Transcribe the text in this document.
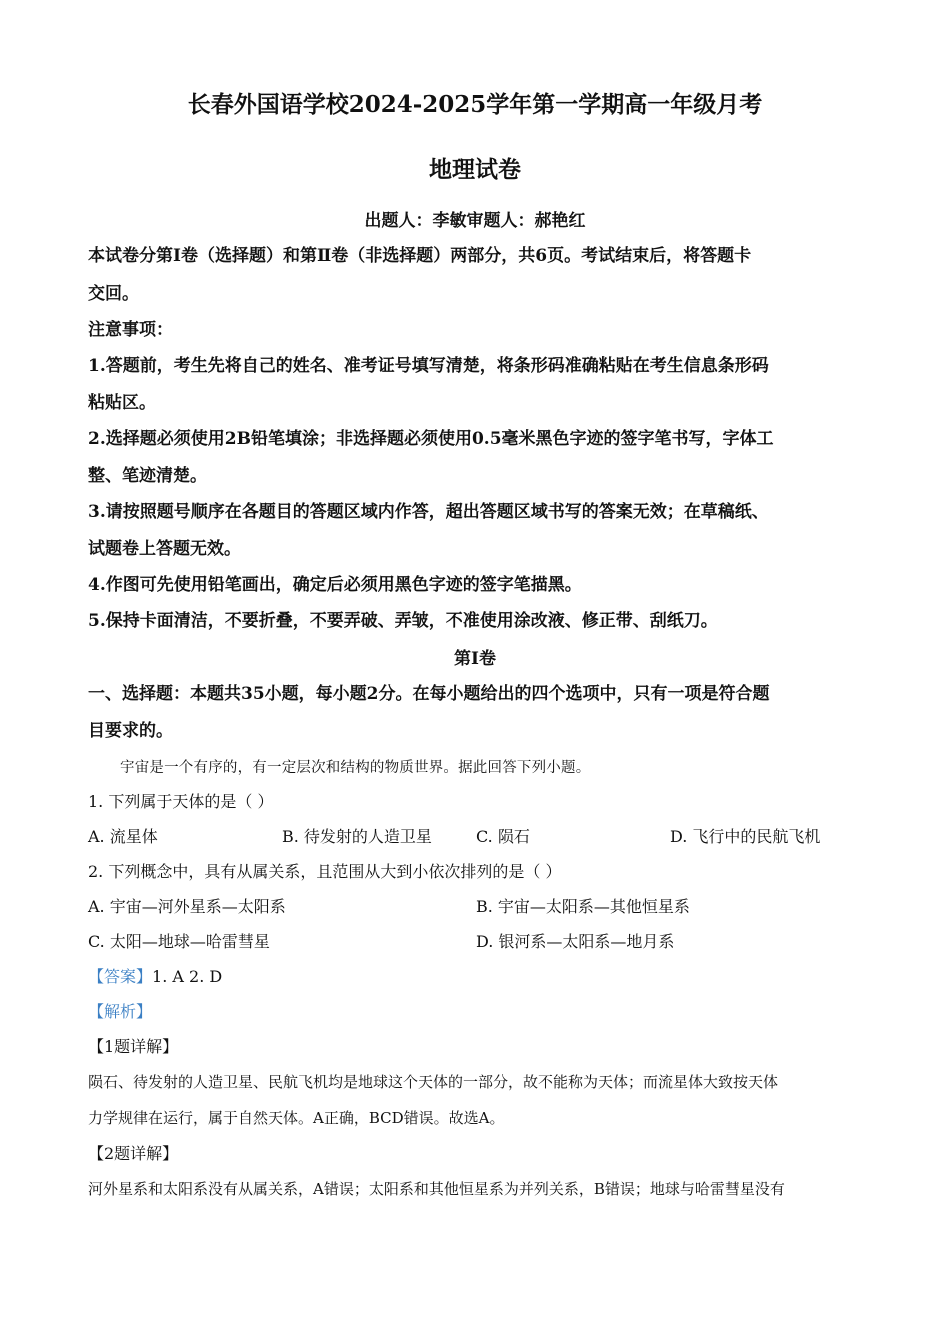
长春外国语学校2024-2025学年第一学期高一年级月考
地理试卷
出题人：李敏审题人：郝艳红
本试卷分第Ⅰ卷（选择题）和第Ⅱ卷（非选择题）两部分，共6页。考试结束后，将答题卡
交回。
注意事项：
1.答题前，考生先将自己的姓名、准考证号填写清楚，将条形码准确粘贴在考生信息条形码
粘贴区。
2.选择题必须使用2B铅笔填涂；非选择题必须使用0.5毫米黑色字迹的签字笔书写，字体工
整、笔迹清楚。
3.请按照题号顺序在各题目的答题区域内作答，超出答题区域书写的答案无效；在草稿纸、
试题卷上答题无效。
4.作图可先使用铅笔画出，确定后必须用黑色字迹的签字笔描黑。
5.保持卡面清洁，不要折叠，不要弄破、弄皱，不准使用涂改液、修正带、刮纸刀。
第Ⅰ卷
一、选择题：本题共35小题，每小题2分。在每小题给出的四个选项中，只有一项是符合题
目要求的。
宇宙是一个有序的，有一定层次和结构的物质世界。据此回答下列小题。
1. 下列属于天体的是（ ）
A. 流星体	B. 待发射的人造卫星	C. 陨石	D. 飞行中的民航飞机
2. 下列概念中，具有从属关系，且范围从大到小依次排列的是（ ）
A. 宇宙—河外星系—太阳系	B. 宇宙—太阳系—其他恒星系
C. 太阳—地球—哈雷彗星	D. 银河系—太阳系—地月系
【答案】1. A 2. D
【解析】
【1题详解】
陨石、待发射的人造卫星、民航飞机均是地球这个天体的一部分，故不能称为天体；而流星体大致按天体
力学规律在运行，属于自然天体。A正确，BCD错误。故选A。
【2题详解】
河外星系和太阳系没有从属关系，A错误；太阳系和其他恒星系为并列关系，B错误；地球与哈雷彗星没有
